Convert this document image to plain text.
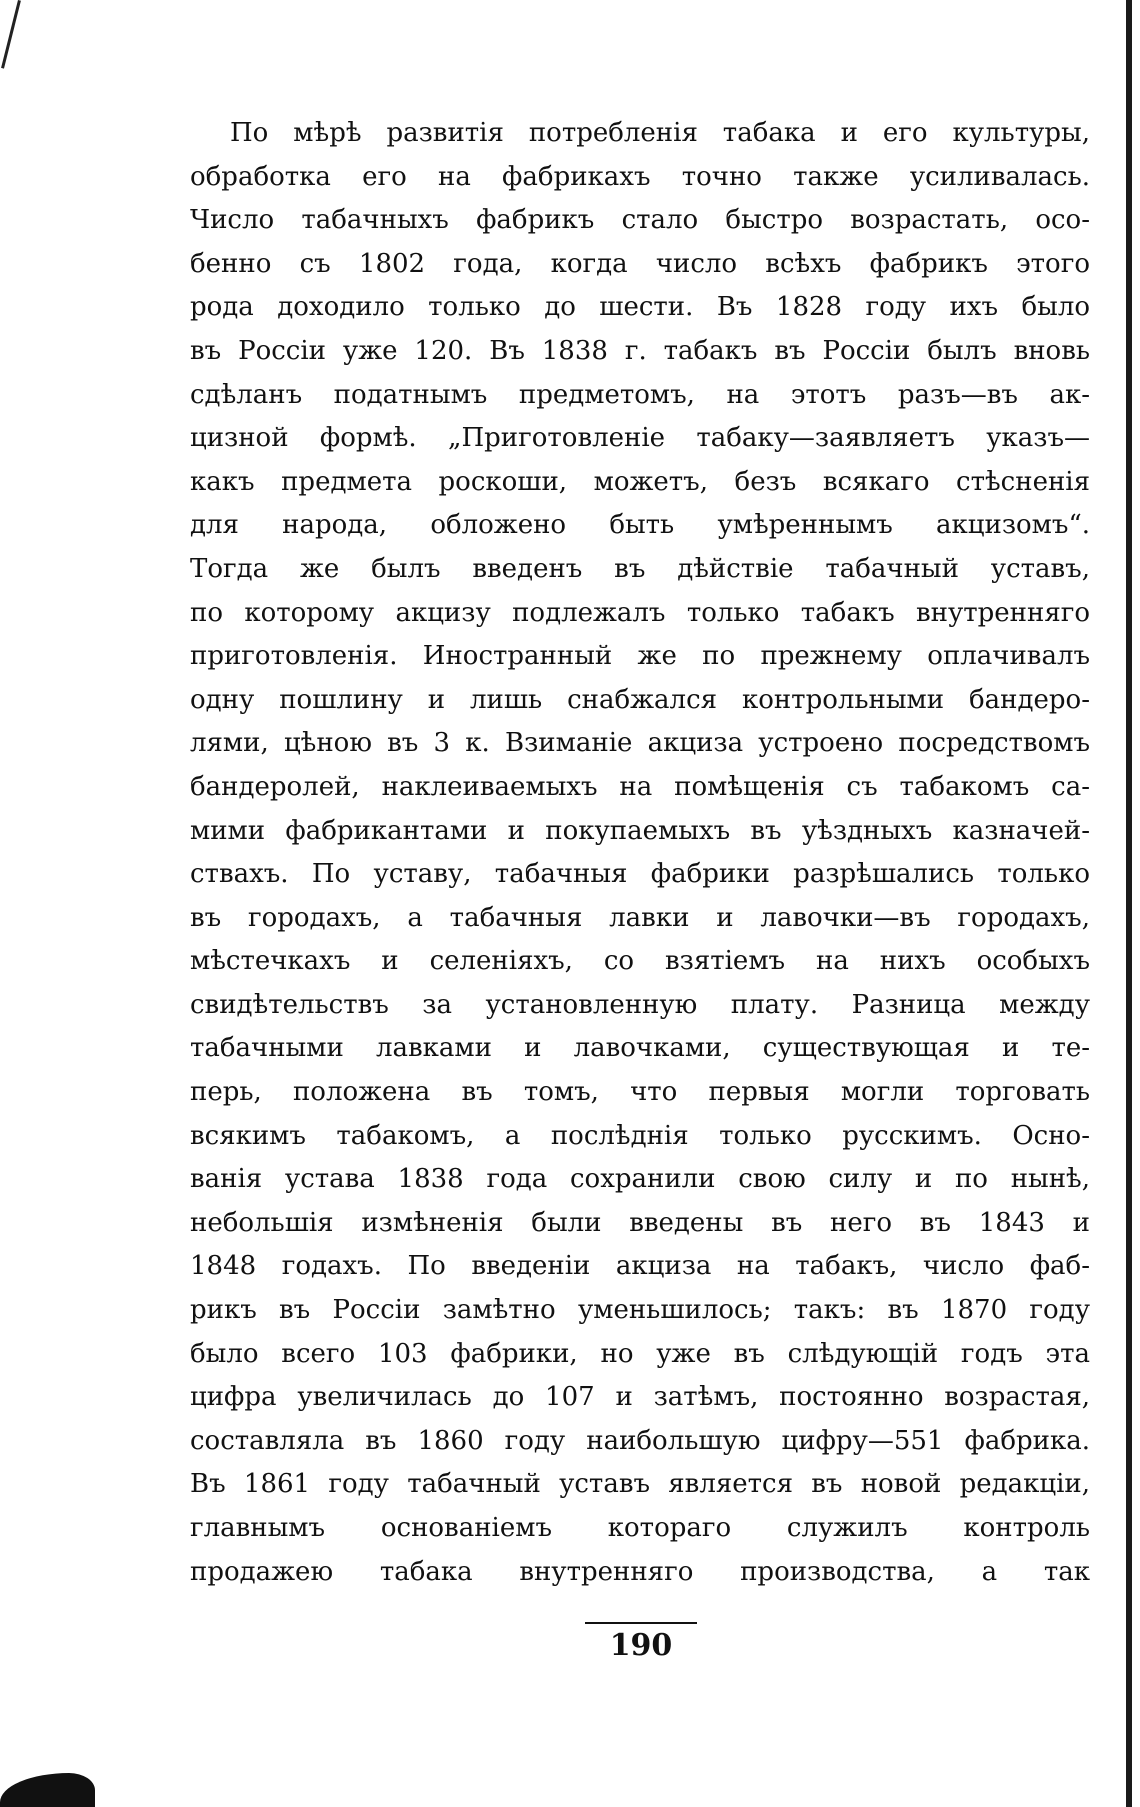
По мѣрѣ развитія потребленія табака и его культуры,
обработка его на фабрикахъ точно также усиливалась.
Число табачныхъ фабрикъ стало быстро возрастать, осо-
бенно съ 1802 года, когда число всѣхъ фабрикъ этого
рода доходило только до шести. Въ 1828 году ихъ было
въ Россіи уже 120. Въ 1838 г. табакъ въ Россіи былъ вновь
сдѣланъ податнымъ предметомъ, на этотъ разъ—въ ак-
цизной формѣ. „Приготовленіе табаку—заявляетъ указъ—
какъ предмета роскоши, можетъ, безъ всякаго стѣсненія
для народа, обложено быть умѣреннымъ акцизомъ“.
Тогда же былъ введенъ въ дѣйствіе табачный уставъ,
по которому акцизу подлежалъ только табакъ внутренняго
приготовленія. Иностранный же по прежнему оплачивалъ
одну пошлину и лишь снабжался контрольными бандеро-
лями, цѣною въ 3 к. Взиманіе акциза устроено посредствомъ
бандеролей, наклеиваемыхъ на помѣщенія съ табакомъ са-
мими фабрикантами и покупаемыхъ въ уѣздныхъ казначей-
ствахъ. По уставу, табачныя фабрики разрѣшались только
въ городахъ, а табачныя лавки и лавочки—въ городахъ,
мѣстечкахъ и селеніяхъ, со взятіемъ на нихъ особыхъ
свидѣтельствъ за установленную плату. Разница между
табачными лавками и лавочками, существующая и те-
перь, положена въ томъ, что первыя могли торговать
всякимъ табакомъ, а послѣднія только русскимъ. Осно-
ванія устава 1838 года сохранили свою силу и по нынѣ,
небольшія измѣненія были введены въ него въ 1843 и
1848 годахъ. По введеніи акциза на табакъ, число фаб-
рикъ въ Россіи замѣтно уменьшилось; такъ: въ 1870 году
было всего 103 фабрики, но уже въ слѣдующій годъ эта
цифра увеличилась до 107 и затѣмъ, постоянно возрастая,
составляла въ 1860 году наибольшую цифру—551 фабрика.
Въ 1861 году табачный уставъ является въ новой редакціи,
главнымъ основаніемъ котораго служилъ контроль
продажею табака внутренняго производства, а так
190
